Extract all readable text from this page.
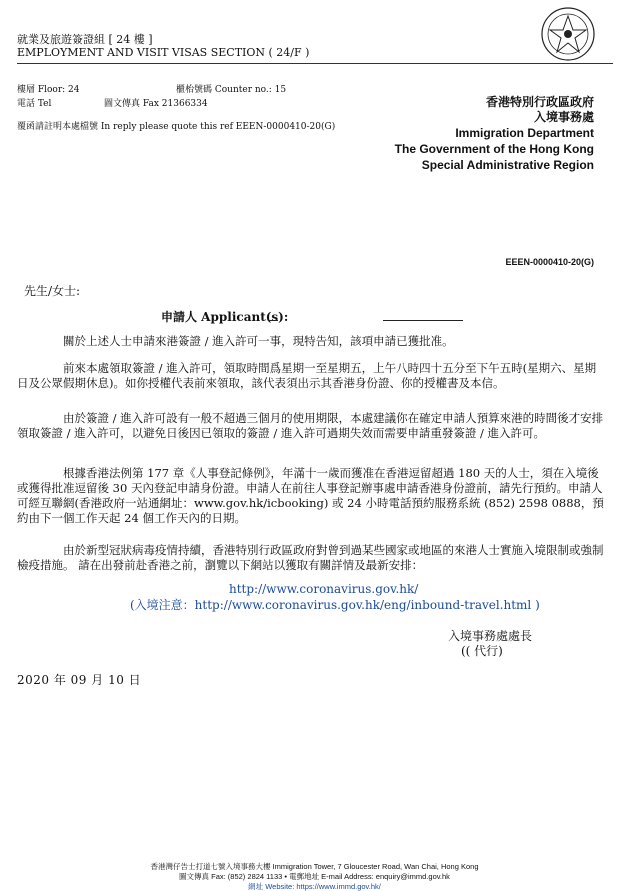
就業及旅遊簽證組 [ 24 樓 ]
EMPLOYMENT AND VISIT VISAS SECTION ( 24/F )
樓層 Floor: 24	櫃枱號碼 Counter no.: 15
電話 Tel	圖文傳真 Fax 21366334
覆函請註明本處檔號 In reply please quote this ref EEEN-0000410-20(G)
香港特別行政區政府
入境事務處
Immigration Department
The Government of the Hong Kong
Special Administrative Region
EEEN-0000410-20(G)
先生/女士:
申請人 Applicant(s):
關於上述人士申請來港簽證 / 進入許可一事，現特告知，該項申請已獲批准。
前來本處領取簽證 / 進入許可，領取時間爲星期一至星期五，上午八時四十五分至下午五時(星期六、星期日及公眾假期休息)。如你授權代表前來領取，該代表須出示其香港身份證、你的授權書及本信。
由於簽證 / 進入許可設有一般不超過三個月的使用期限，本處建議你在確定申請人預算來港的時間後才安排領取簽證 / 進入許可，以避免日後因已領取的簽證 / 進入許可過期失效而需要申請重發簽證 / 進入許可。
根據香港法例第 177 章《人事登記條例》，年滿十一歲而獲准在香港逗留超過 180 天的人士，須在入境後或獲得批准逗留後 30 天內登記申請身份證。申請人在前往人事登記辦事處申請香港身份證前，請先行預約。申請人可經互聯網(香港政府一站通網址：www.gov.hk/icbooking) 或 24 小時電話預約服務系統 (852) 2598 0888，預約由下一個工作天起 24 個工作天內的日期。
由於新型冠狀病毒疫情持續，香港特別行政區政府對曾到過某些國家或地區的來港人士實施入境限制或強制檢疫措施。 請在出發前赴香港之前，瀏覽以下網站以獲取有關詳情及最新安排：
http://www.coronavirus.gov.hk/
(入境注意：http://www.coronavirus.gov.hk/eng/inbound-travel.html )
入境事務處處長
(( 代行)
2020 年 09 月 10 日
香港灣仔告士打道七號入境事務大樓 Immigration Tower, 7 Gloucester Road, Wan Chai, Hong Kong
圖文傳真 Fax: (852) 2824 1133 • 電郵地址 E-mail Address: enquiry@immd.gov.hk
網址 Website: https://www.immd.gov.hk/
